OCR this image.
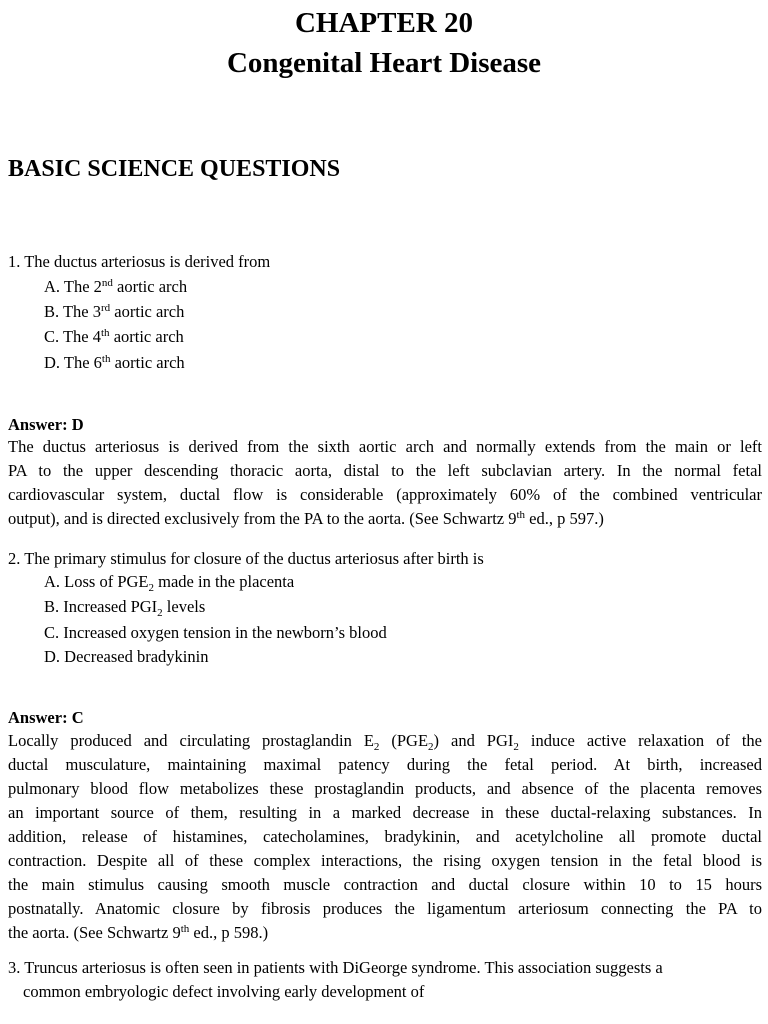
CHAPTER 20
Congenital Heart Disease
BASIC SCIENCE QUESTIONS
1. The ductus arteriosus is derived from
A. The 2nd aortic arch
B. The 3rd aortic arch
C. The 4th aortic arch
D. The 6th aortic arch
Answer: D
The ductus arteriosus is derived from the sixth aortic arch and normally extends from the main or left
PA to the upper descending thoracic aorta, distal to the left subclavian artery. In the normal fetal
cardiovascular system, ductal flow is considerable (approximately 60% of the combined ventricular
output), and is directed exclusively from the PA to the aorta. (See Schwartz 9th ed., p 597.)
2. The primary stimulus for closure of the ductus arteriosus after birth is
A. Loss of $PGE_2$ made in the placenta
B. Increased $PGI_2$ levels
C. Increased oxygen tension in the newborn’s blood
D. Decreased bradykinin
Answer: C
Locally produced and circulating prostaglandin $E_2$ $(PGE_2)$ and $PGI_2$ induce active relaxation of the
ductal musculature, maintaining maximal patency during the fetal period. At birth, increased
pulmonary blood flow metabolizes these prostaglandin products, and absence of the placenta removes
an important source of them, resulting in a marked decrease in these ductal-relaxing substances. In
addition, release of histamines, catecholamines, bradykinin, and acetylcholine all promote ductal
contraction. Despite all of these complex interactions, the rising oxygen tension in the fetal blood is
the main stimulus causing smooth muscle contraction and ductal closure within 10 to 15 hours
postnatally. Anatomic closure by fibrosis produces the ligamentum arteriosum connecting the PA to
the aorta. (See Schwartz 9th ed., p 598.)
3. Truncus arteriosus is often seen in patients with DiGeorge syndrome. This association suggests a
common embryologic defect involving early development of
